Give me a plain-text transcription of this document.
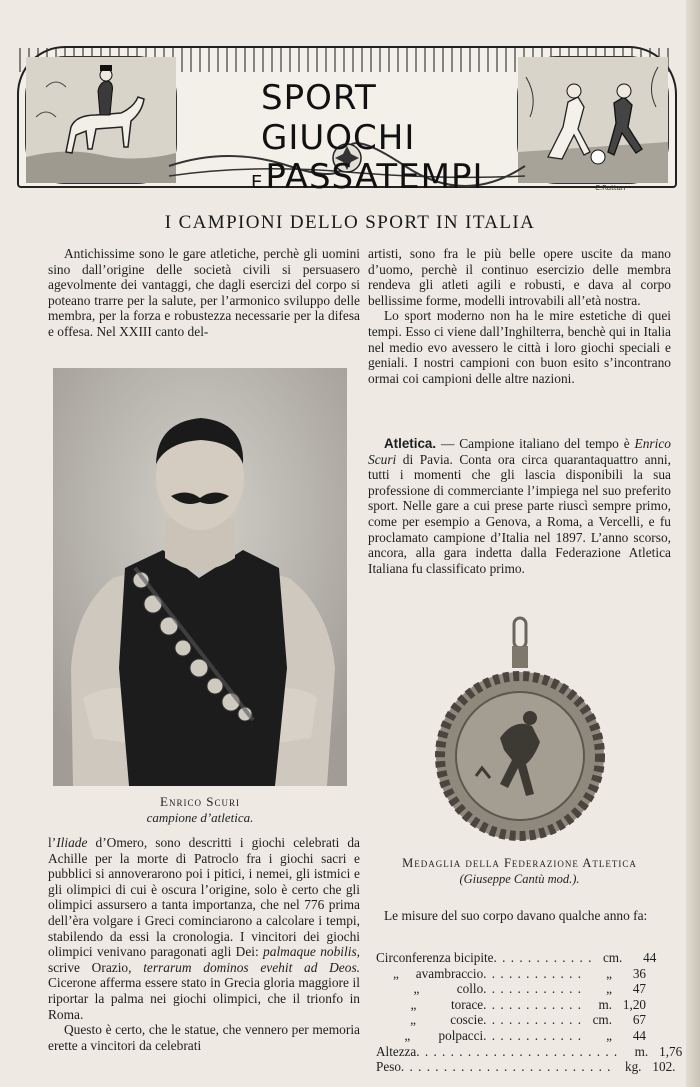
SPORT GIUOCHI
E PASSATEMPI	C.Ruttan
I CAMPIONI DELLO SPORT IN ITALIA

Antichissime sono le gare atletiche, perchè gli uomini sino dall’origine delle società civili si persuasero agevolmente dei vantaggi, che dagli esercizi del corpo si poteano trarre per la salute, per l’armonico sviluppo delle membra, per la forza e robustezza necessarie per la difesa e offesa. Nel XXIII canto del-

Enrico Scuri
campione d’atletica.

l’Iliade d’Omero, sono descritti i giochi celebrati da Achille per la morte di Patroclo fra i giochi sacri e pubblici si annoverarono poi i pitici, i nemei, gli istmici e gli olimpici di cui è oscura l’origine, solo è certo che gli olimpici assursero a tanta importanza, che nel 776 prima dell’èra volgare i Greci cominciarono a calcolare i tempi, stabilendo da essi la cronologia. I vincitori dei giochi olimpici venivano paragonati agli Dei: palmaque nobilis, scrive Orazio, terrarum dominos evehit ad Deos. Cicerone afferma essere stato in Grecia gloria maggiore il riportar la palma nei giochi olimpici, che il trionfo in Roma.

Questo è certo, che le statue, che vennero per memoria erette a vincitori da celebrati

artisti, sono fra le più belle opere uscite da mano d’uomo, perchè il continuo esercizio delle membra rendeva gli atleti agili e robusti, e dava al corpo bellissime forme, modelli introvabili all’età nostra.

Lo sport moderno non ha le mire estetiche di quei tempi. Esso ci viene dall’Inghilterra, benchè qui in Italia nel medio evo avessero le città i loro giochi speciali e geniali. I nostri campioni con buon esito s’incontrano ormai coi campioni delle altre nazioni.

Atletica. — Campione italiano del tempo è Enrico Scuri di Pavia. Conta ora circa quarantaquattro anni, tutti i momenti che gli lascia disponibili la sua professione di commerciante l’impiega nel suo preferito sport. Nelle gare a cui prese parte riuscì sempre primo, come per esempio a Genova, a Roma, a Vercelli, e fu proclamato campione d’Italia nel 1897. L’anno scorso, ancora, alla gara indetta dalla Federazione Atletica Italiana fu classificato primo.

Medaglia della Federazione Atletica
(Giuseppe Cantù mod.).

Le misure del suo corpo davano qualche anno fa:

Circonferenza bicipite . . . . . . . . . . . . cm.	44
„	avambraccio . . . . . . . . . . . .	„	36
„	collo . . . . . . . . . . . .	„	47
„	torace . . . . . . . . . . . .	m. 1,20
„	coscie . . . . . . . . . . . . cm.	67
„	polpacci . . . . . . . . . . . .	„	44
Altezza . . . . . . . . . . . . . . . . . . . . . . . .	m. 1,76
Peso . . . . . . . . . . . . . . . . . . . . . . . . .	kg. 102.
